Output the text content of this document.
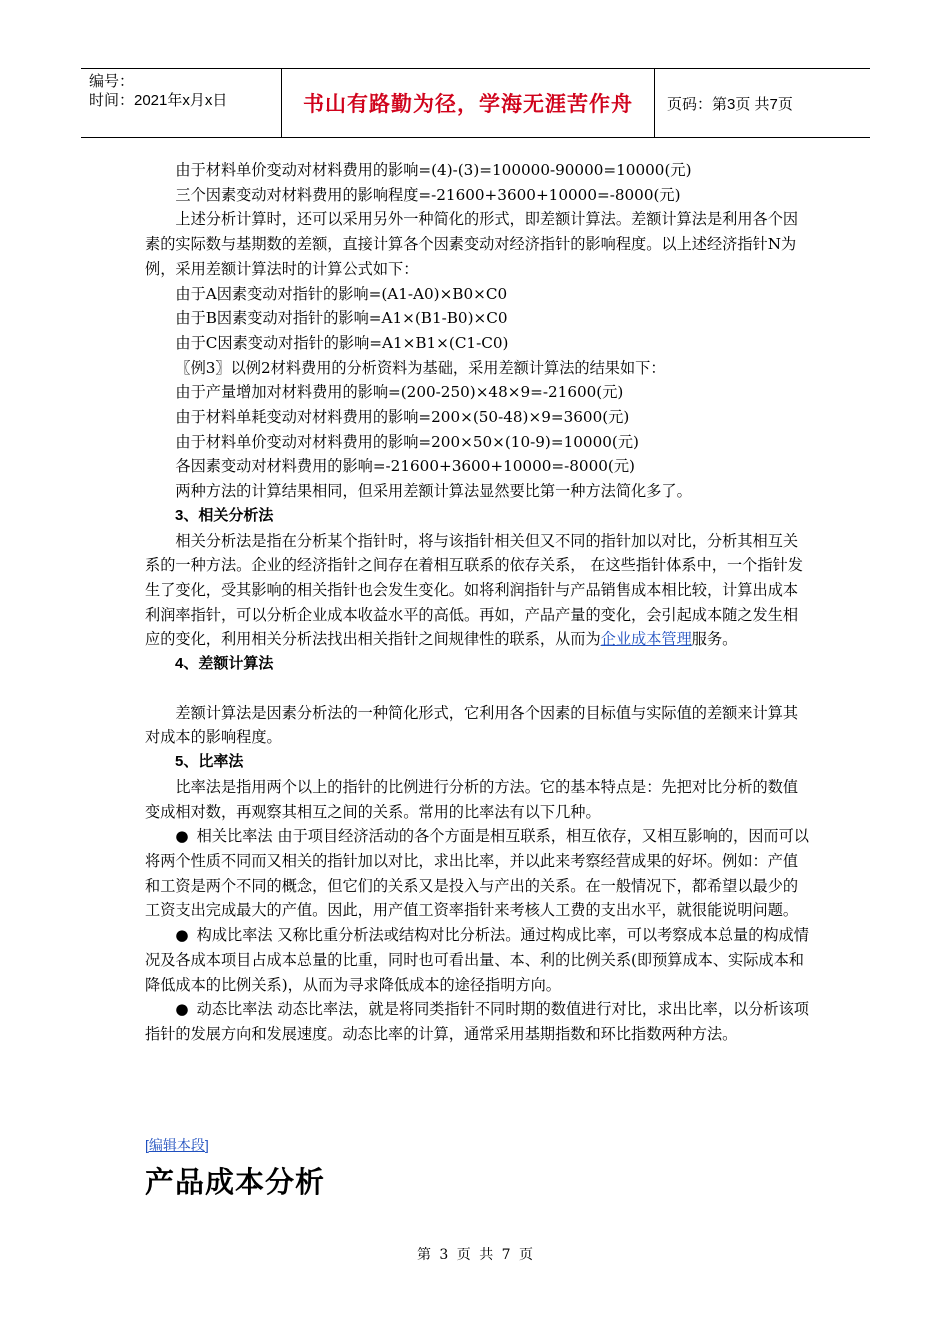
编号：
时间：2021年x月x日	书山有路勤为径，学海无涯苦作舟	页码：第3页 共7页

由于材料单价变动对材料费用的影响=(4)-(3)=100000-90000=10000(元)

三个因素变动对材料费用的影响程度=-21600+3600+10000=-8000(元)

上述分析计算时，还可以采用另外一种简化的形式，即差额计算法。差额计算法是利用各个因素的实际数与基期数的差额，直接计算各个因素变动对经济指针的影响程度。以上述经济指针N为例，采用差额计算法时的计算公式如下：

由于A因素变动对指针的影响=(A1-A0)×B0×C0

由于B因素变动对指针的影响=A1×(B1-B0)×C0

由于C因素变动对指针的影响=A1×B1×(C1-C0)

〖例3〗以例2材料费用的分析资料为基础，采用差额计算法的结果如下：

由于产量增加对材料费用的影响=(200-250)×48×9=-21600(元)

由于材料单耗变动对材料费用的影响=200×(50-48)×9=3600(元)

由于材料单价变动对材料费用的影响=200×50×(10-9)=10000(元)

各因素变动对材料费用的影响=-21600+3600+10000=-8000(元)

两种方法的计算结果相同，但采用差额计算法显然要比第一种方法简化多了。

3、相关分析法

相关分析法是指在分析某个指针时，将与该指针相关但又不同的指针加以对比，分析其相互关系的一种方法。企业的经济指针之间存在着相互联系的依存关系， 在这些指针体系中，一个指针发生了变化，受其影响的相关指针也会发生变化。如将利润指针与产品销售成本相比较，计算出成本利润率指针，可以分析企业成本收益水平的高低。再如，产品产量的变化，会引起成本随之发生相应的变化，利用相关分析法找出相关指针之间规律性的联系，从而为企业成本管理服务。

4、差额计算法

差额计算法是因素分析法的一种简化形式，它利用各个因素的目标值与实际值的差额来计算其对成本的影响程度。

5、比率法

比率法是指用两个以上的指针的比例进行分析的方法。它的基本特点是：先把对比分析的数值变成相对数，再观察其相互之间的关系。常用的比率法有以下几种。

● 相关比率法 由于项目经济活动的各个方面是相互联系，相互依存，又相互影响的，因而可以将两个性质不同而又相关的指针加以对比，求出比率，并以此来考察经营成果的好坏。例如：产值和工资是两个不同的概念，但它们的关系又是投入与产出的关系。在一般情况下，都希望以最少的工资支出完成最大的产值。因此，用产值工资率指针来考核人工费的支出水平，就很能说明问题。

● 构成比率法 又称比重分析法或结构对比分析法。通过构成比率，可以考察成本总量的构成情况及各成本项目占成本总量的比重，同时也可看出量、本、利的比例关系(即预算成本、实际成本和降低成本的比例关系)，从而为寻求降低成本的途径指明方向。

● 动态比率法 动态比率法，就是将同类指针不同时期的数值进行对比，求出比率，以分析该项指针的发展方向和发展速度。动态比率的计算，通常采用基期指数和环比指数两种方法。

[编辑本段]
产品成本分析
第 3 页 共 7 页
